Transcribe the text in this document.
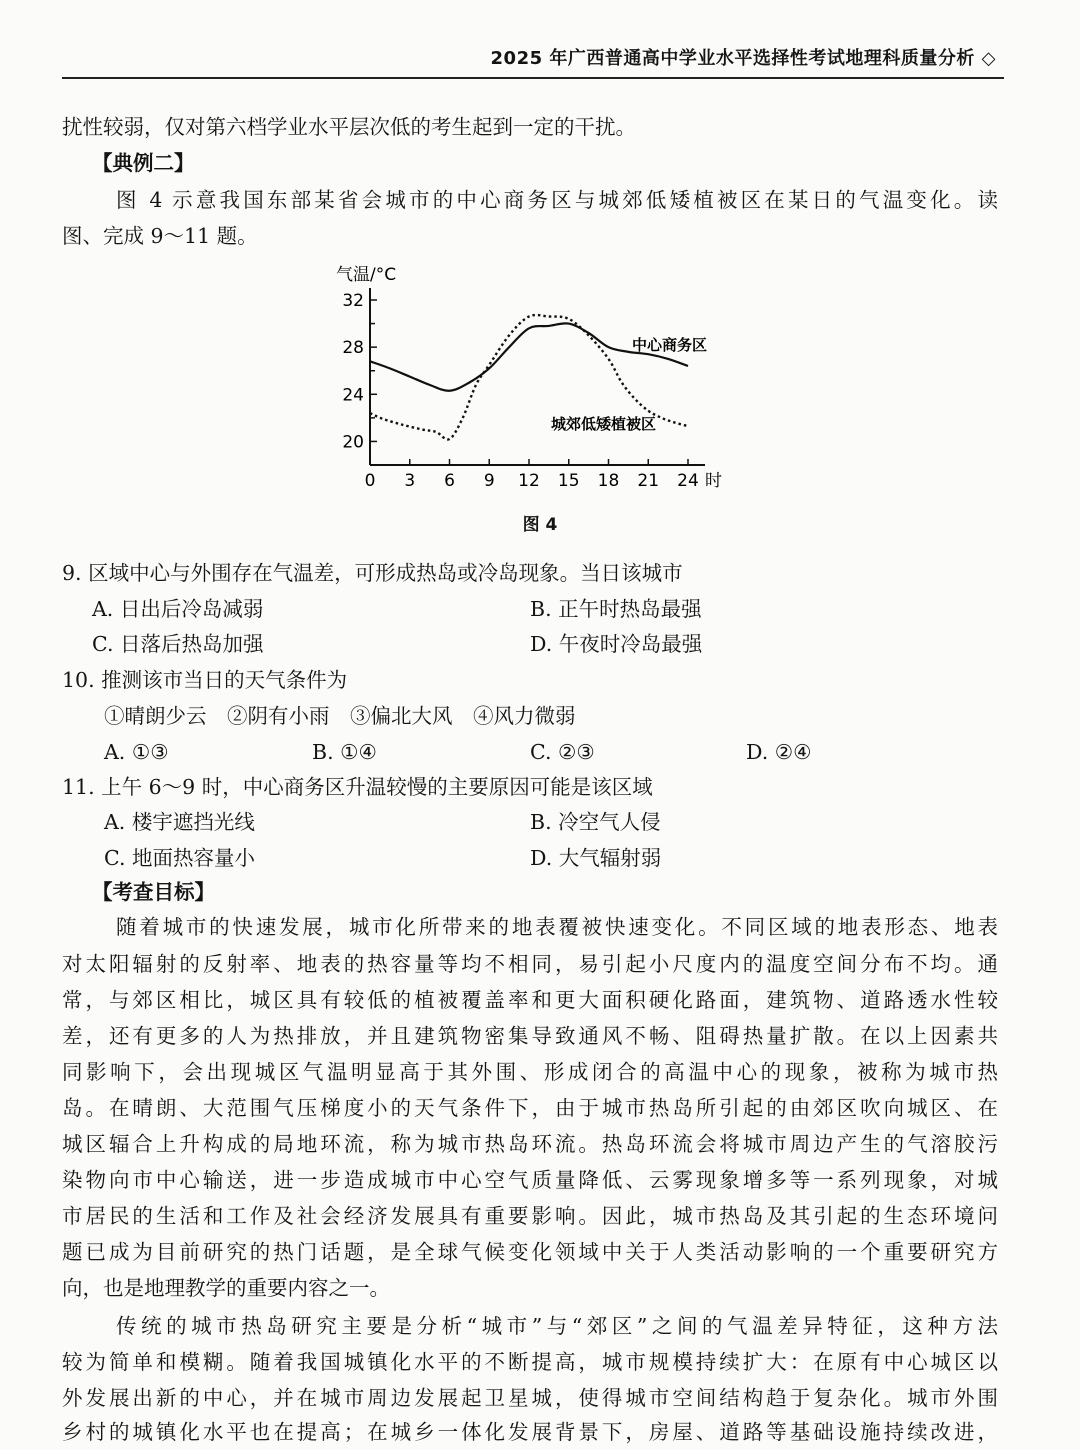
2025 年广西普通高中学业水平选择性考试地理科质量分析 ◇
扰性较弱，仅对第六档学业水平层次低的考生起到一定的干扰。
【典例二】
图 4 示意我国东部某省会城市的中心商务区与城郊低矮植被区在某日的气温变化。读
图、完成 9～11 题。
20
24
28
32
0 3 6 9 12 15 18 21 24
气温/°C
时
中心商务区
城郊低矮植被区
图 4
9. 区域中心与外围存在气温差，可形成热岛或冷岛现象。当日该城市
A. 日出后冷岛减弱	B. 正午时热岛最强
C. 日落后热岛加强	D. 午夜时冷岛最强
10. 推测该市当日的天气条件为
①晴朗少云　②阴有小雨　③偏北大风　④风力微弱
A. ①③	B. ①④	C. ②③	D. ②④
11. 上午 6～9 时，中心商务区升温较慢的主要原因可能是该区域
A. 楼宇遮挡光线	B. 冷空气人侵
C. 地面热容量小	D. 大气辐射弱
【考查目标】
随着城市的快速发展，城市化所带来的地表覆被快速变化。不同区域的地表形态、地表
对太阳辐射的反射率、地表的热容量等均不相同，易引起小尺度内的温度空间分布不均。通
常，与郊区相比，城区具有较低的植被覆盖率和更大面积硬化路面，建筑物、道路透水性较
差，还有更多的人为热排放，并且建筑物密集导致通风不畅、阻碍热量扩散。在以上因素共
同影响下，会出现城区气温明显高于其外围、形成闭合的高温中心的现象，被称为城市热
岛。在晴朗、大范围气压梯度小的天气条件下，由于城市热岛所引起的由郊区吹向城区、在
城区辐合上升构成的局地环流，称为城市热岛环流。热岛环流会将城市周边产生的气溶胶污
染物向市中心输送，进一步造成城市中心空气质量降低、云雾现象增多等一系列现象，对城
市居民的生活和工作及社会经济发展具有重要影响。因此，城市热岛及其引起的生态环境问
题已成为目前研究的热门话题，是全球气候变化领域中关于人类活动影响的一个重要研究方
向，也是地理教学的重要内容之一。
传统的城市热岛研究主要是分析“城市”与“郊区”之间的气温差异特征，这种方法
较为简单和模糊。随着我国城镇化水平的不断提高，城市规模持续扩大：在原有中心城区以
外发展出新的中心，并在城市周边发展起卫星城，使得城市空间结构趋于复杂化。城市外围
乡村的城镇化水平也在提高；在城乡一体化发展背景下，房屋、道路等基础设施持续改进，
